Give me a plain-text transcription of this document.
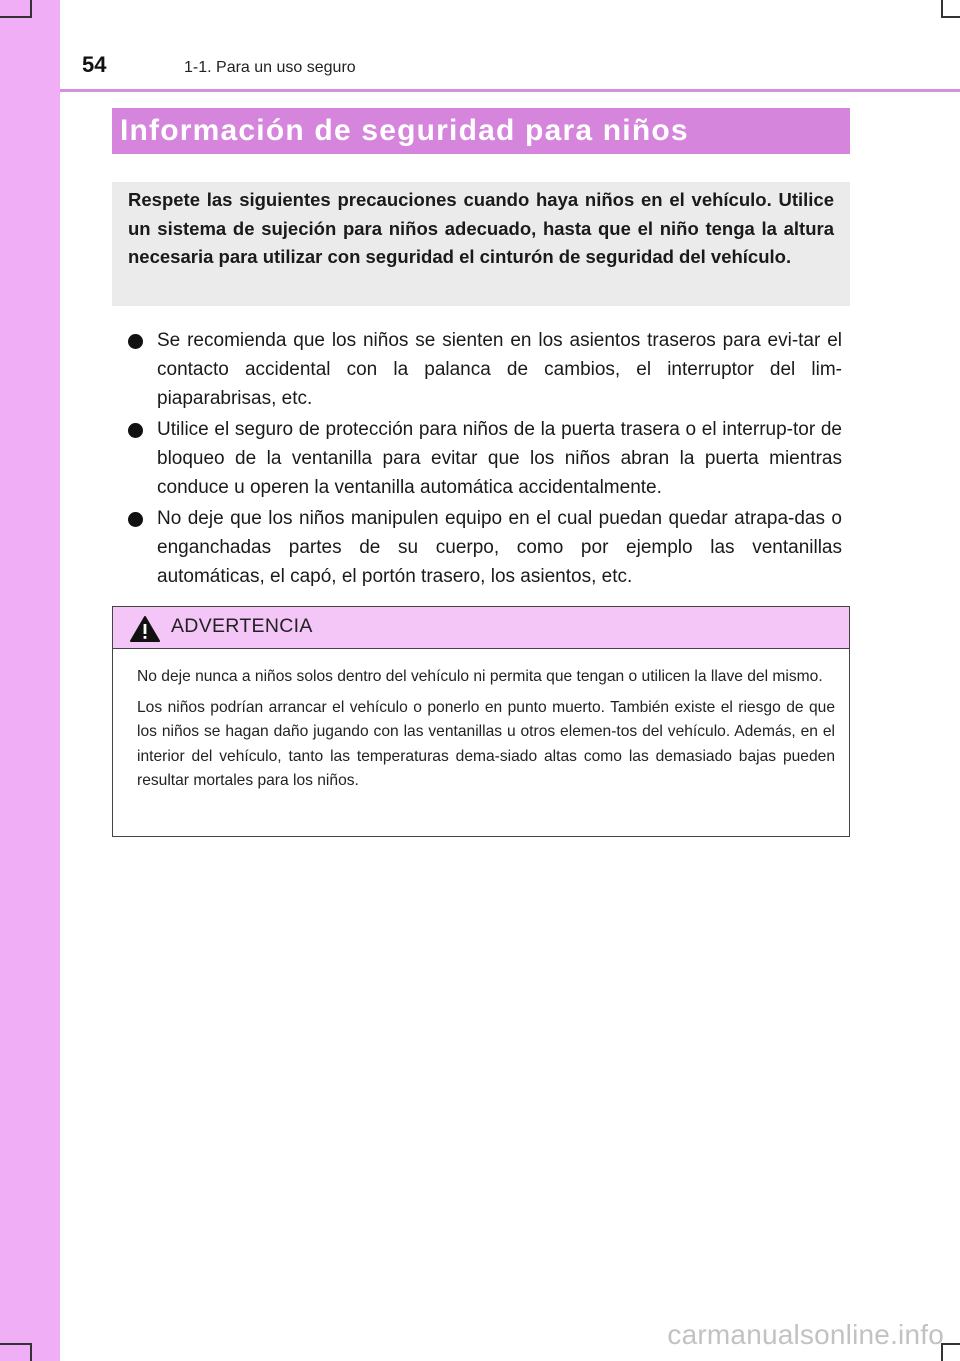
54	1-1. Para un uso seguro
Información de seguridad para niños

Respete las siguientes precauciones cuando haya niños en el vehículo. Utilice un sistema de sujeción para niños adecuado, hasta que el niño tenga la altura necesaria para utilizar con seguridad el cinturón de seguridad del vehículo.

Se recomienda que los niños se sienten en los asientos traseros para evi-tar el contacto accidental con la palanca de cambios, el interruptor del lim-piaparabrisas, etc.
Utilice el seguro de protección para niños de la puerta trasera o el interrup-tor de bloqueo de la ventanilla para evitar que los niños abran la puerta mientras conduce u operen la ventanilla automática accidentalmente.
No deje que los niños manipulen equipo en el cual puedan quedar atrapa-das o enganchadas partes de su cuerpo, como por ejemplo las ventanillas automáticas, el capó, el portón trasero, los asientos, etc.
ADVERTENCIA

No deje nunca a niños solos dentro del vehículo ni permita que tengan o utilicen la llave del mismo.

Los niños podrían arrancar el vehículo o ponerlo en punto muerto. También existe el riesgo de que los niños se hagan daño jugando con las ventanillas u otros elemen-tos del vehículo. Además, en el interior del vehículo, tanto las temperaturas dema-siado altas como las demasiado bajas pueden resultar mortales para los niños.

carmanualsonline.info
